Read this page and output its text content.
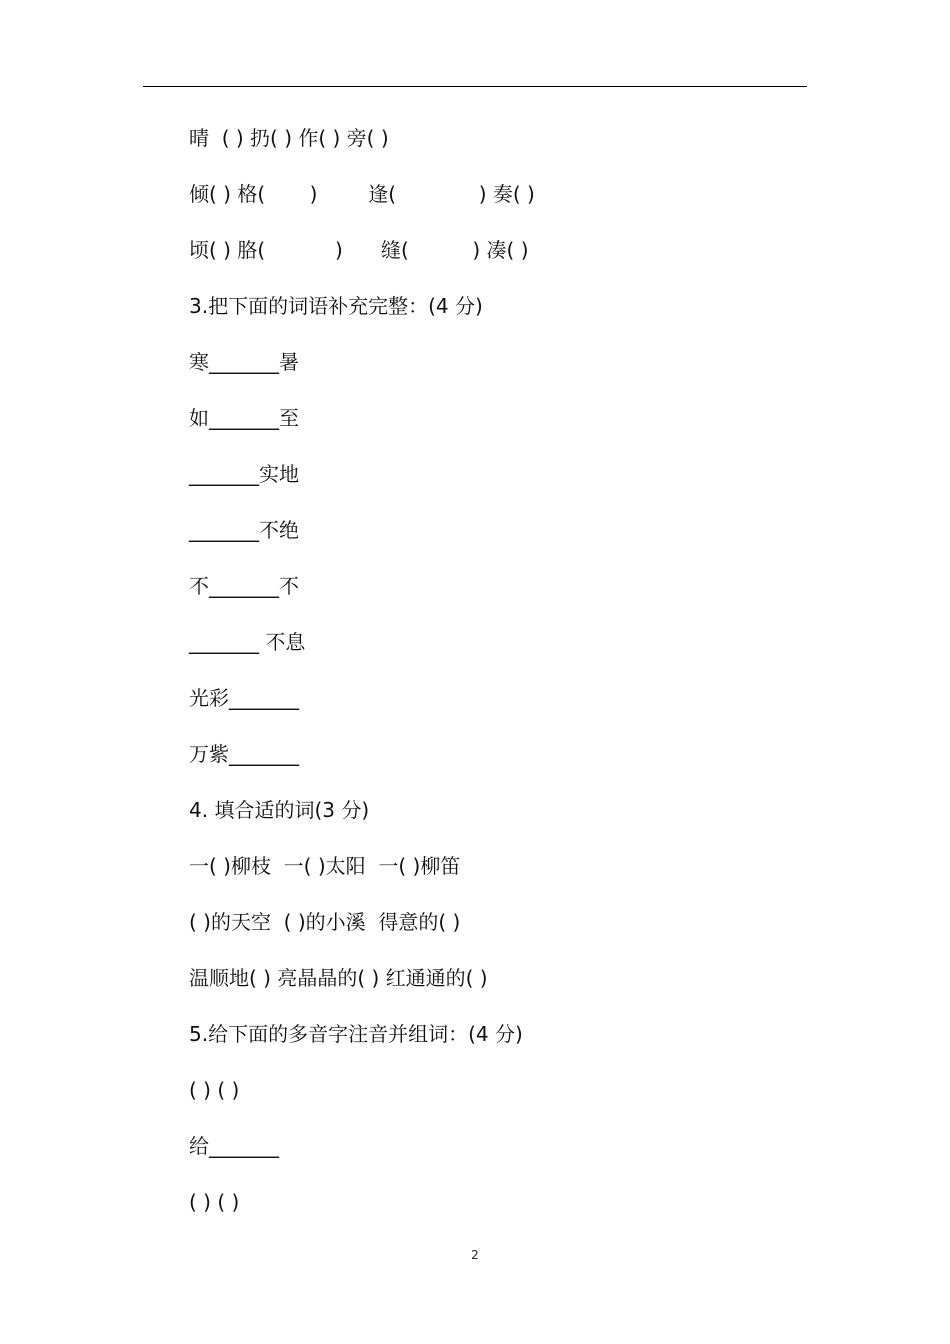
晴  ( ) 扔( ) 作( ) 旁( )
倾( ) 格(       )        逢(             ) 奏( )
顷( ) 胳(           )      缝(          ) 凑( )
3.把下面的词语补充完整：(4 分)
寒_______暑
如_______至
_______实地
_______不绝
不_______不
_______ 不息
光彩_______
万紫_______
4. 填合适的词(3 分)
一( )柳枝  一( )太阳  一( )柳笛
( )的天空  ( )的小溪  得意的( )
温顺地( ) 亮晶晶的( ) 红通通的( )
5.给下面的多音字注音并组词：(4 分)
( ) ( )
给_______
( ) ( )
2
